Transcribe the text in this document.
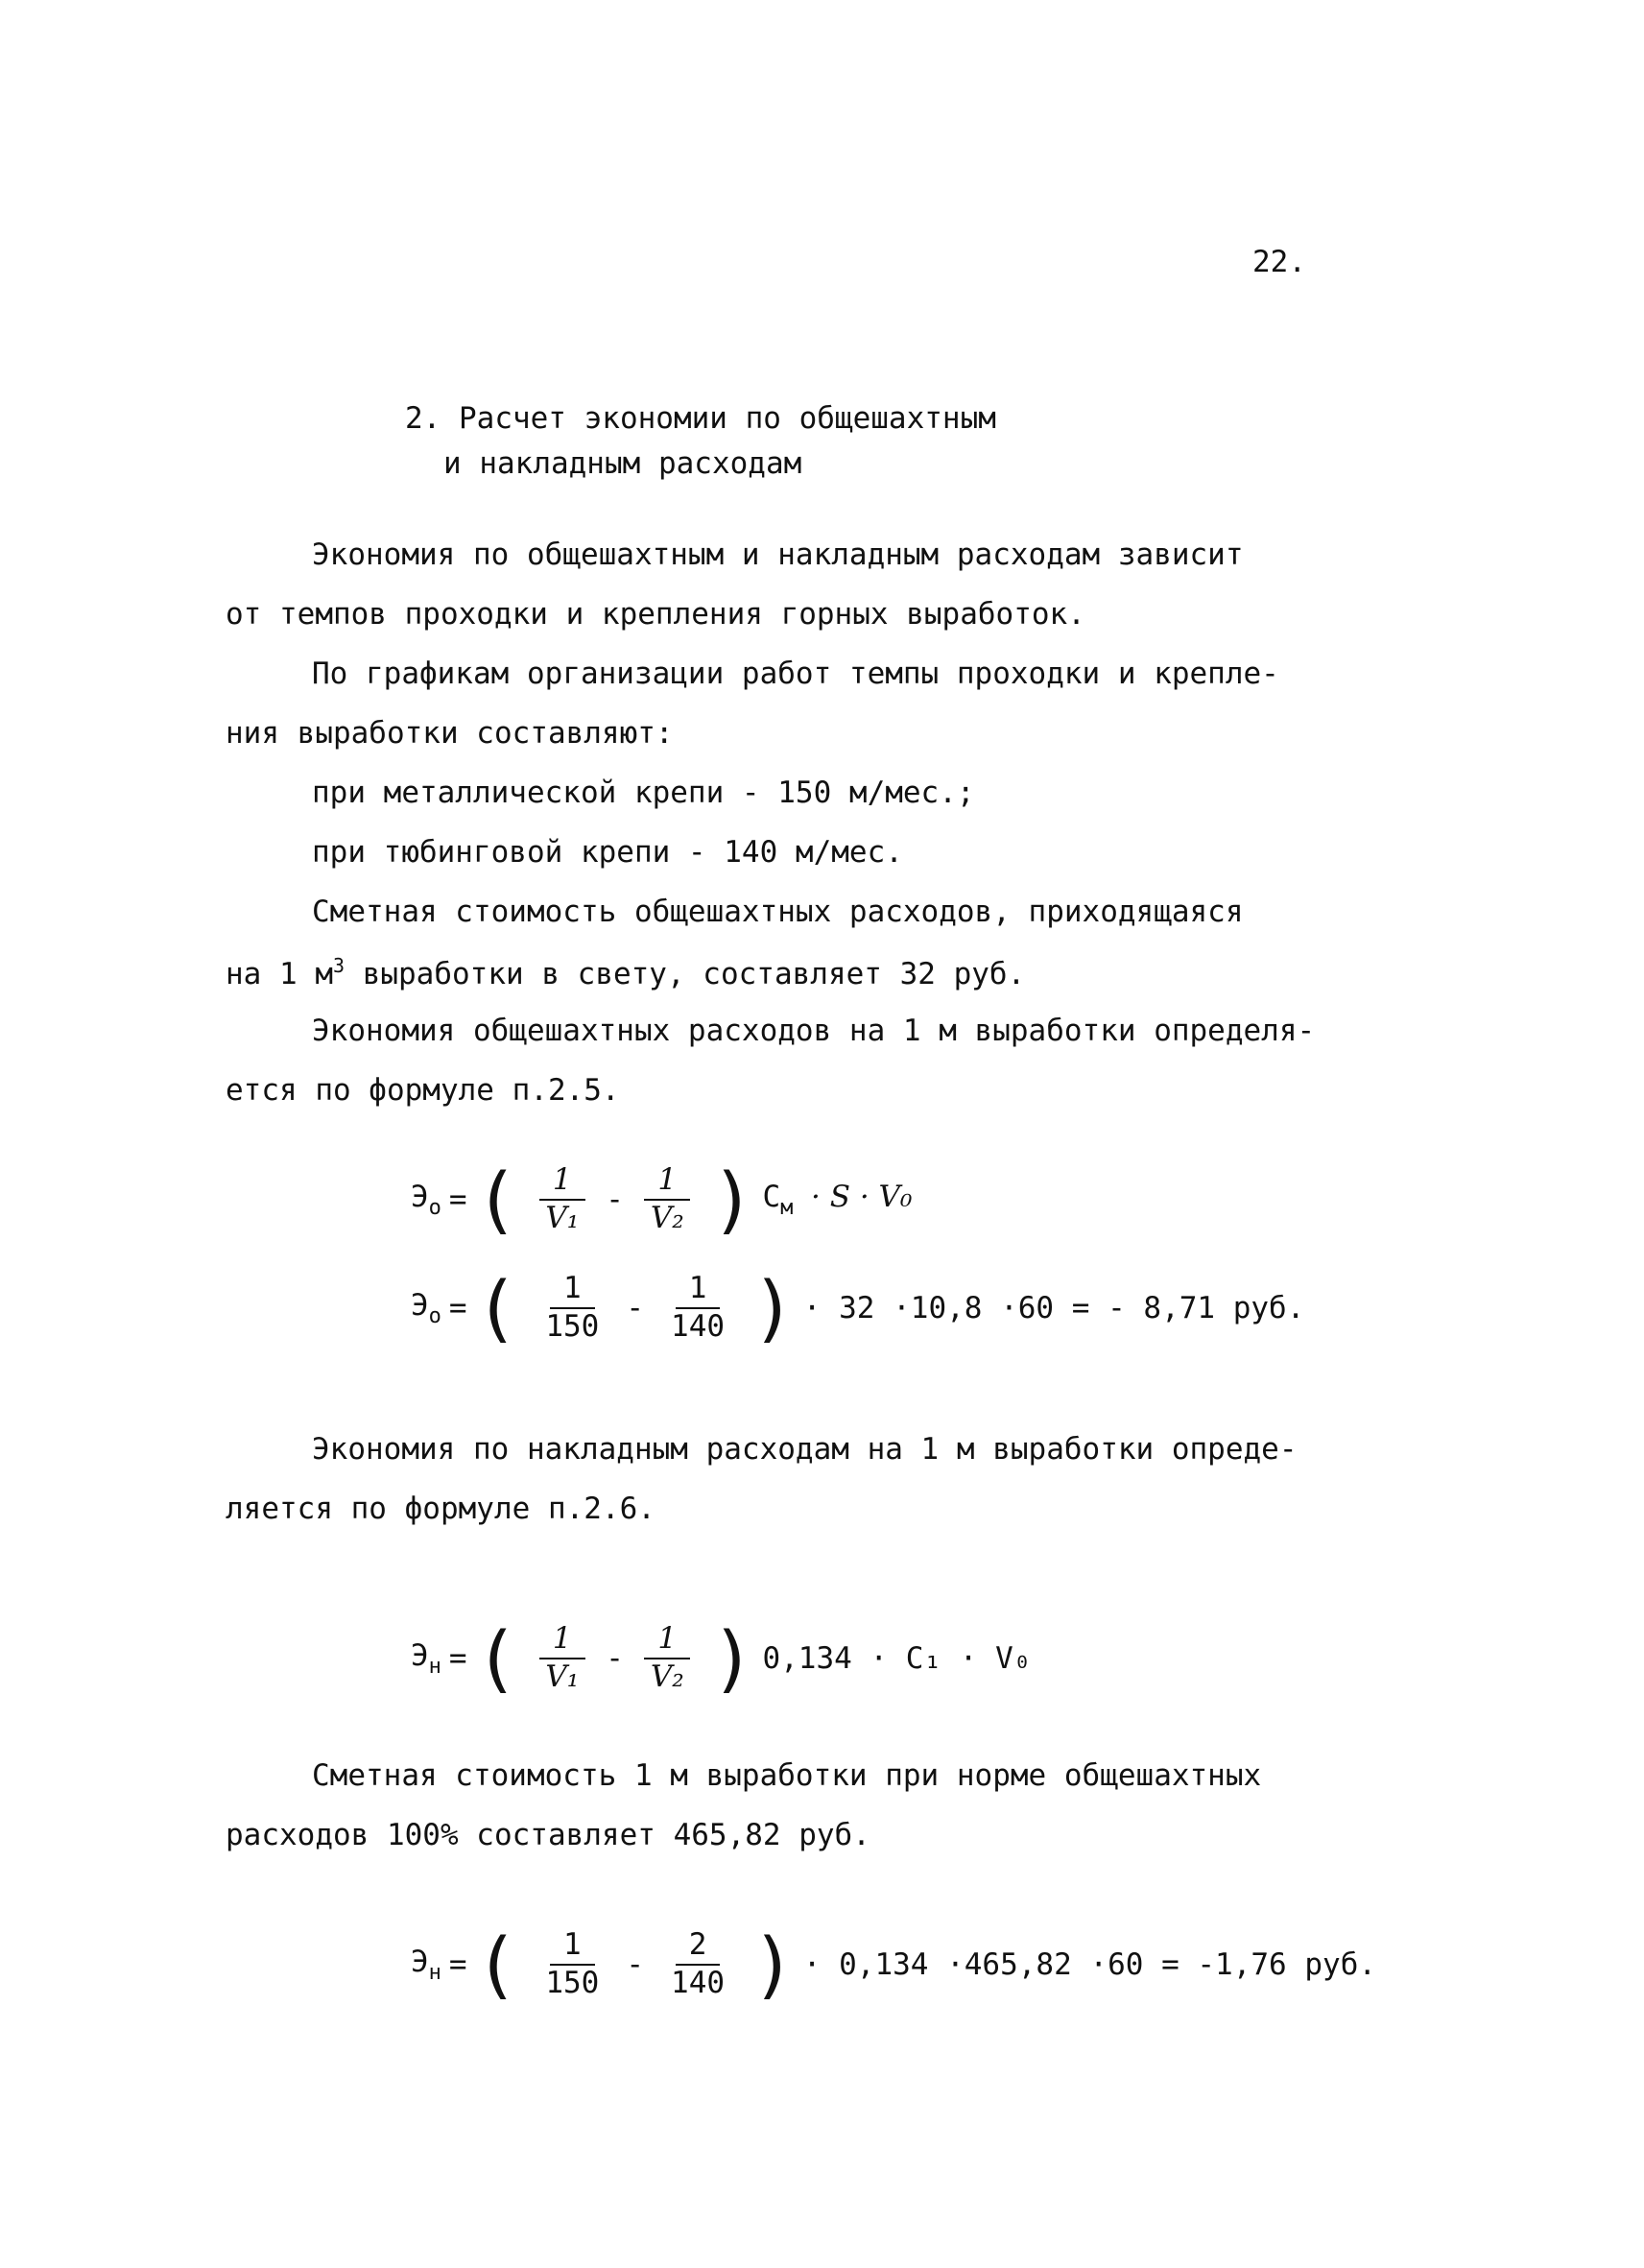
22.
2. Расчет экономии по общешахтным
и накладным расходам
Экономия по общешахтным и накладным расходам зависит
от темпов проходки и крепления горных выработок.
По графикам организации работ темпы проходки и крепле-
ния выработки составляют:
при металлической крепи - 150 м/мес.;
при тюбинговой крепи - 140 м/мес.
Сметная стоимость общешахтных расходов, приходящаяся
на 1 $м^3$ выработки в свету, составляет 32 руб.
Экономия общешахтных расходов на 1 м выработки определя-
ется по формуле п.2.5.
$Э_о$ = ( $\frac{1}{\text{V₁}} - \frac{1}{\text{V₂}}$ ) $С_м \cdot S \cdot V_0$
$Э_о$ = ( $\frac{1}{150} - \frac{1}{140}$ ) · 32 ·10,8 ·60 = - 8,71 руб.
Экономия по накладным расходам на 1 м выработки опреде-
ляется по формуле п.2.6.
$Э_н$ = ( $\frac{1}{\text{V₁}} - \frac{1}{\text{V₂}}$ ) 0,134 · C₁ · V₀
Сметная стоимость 1 м выработки при норме общешахтных
расходов 100% составляет 465,82 руб.
$Э_н$ = ( $\frac{1}{150} - \frac{2}{140}$ ) · 0,134 ·465,82 ·60 = -1,76 руб.
